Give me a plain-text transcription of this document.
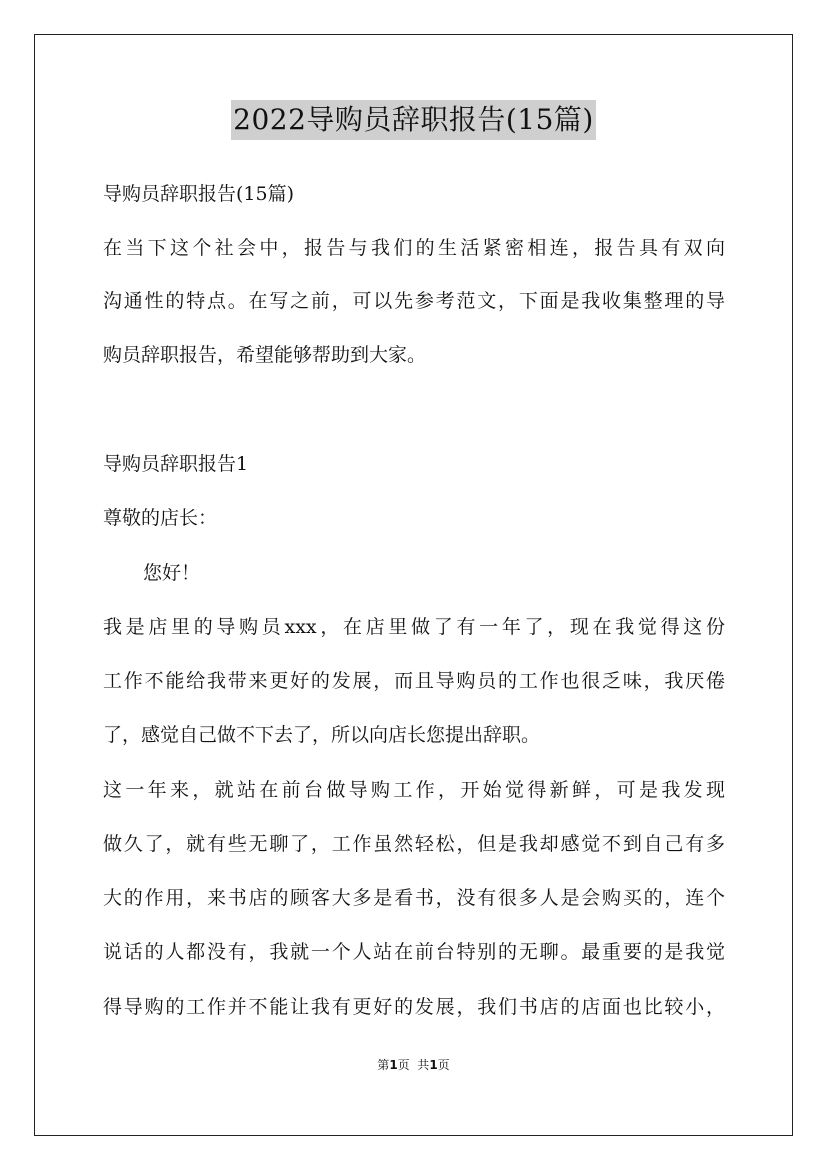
2022导购员辞职报告(15篇)
导购员辞职报告(15篇)
在当下这个社会中，报告与我们的生活紧密相连，报告具有双向
沟通性的特点。在写之前，可以先参考范文，下面是我收集整理的导
购员辞职报告，希望能够帮助到大家。
导购员辞职报告1
尊敬的店长：
您好！
我是店里的导购员xxx，在店里做了有一年了，现在我觉得这份
工作不能给我带来更好的发展，而且导购员的工作也很乏味，我厌倦
了，感觉自己做不下去了，所以向店长您提出辞职。
这一年来，就站在前台做导购工作，开始觉得新鲜，可是我发现
做久了，就有些无聊了，工作虽然轻松，但是我却感觉不到自己有多
大的作用，来书店的顾客大多是看书，没有很多人是会购买的，连个
说话的人都没有，我就一个人站在前台特别的无聊。最重要的是我觉
得导购的工作并不能让我有更好的发展，我们书店的店面也比较小，
第1页  共1页
